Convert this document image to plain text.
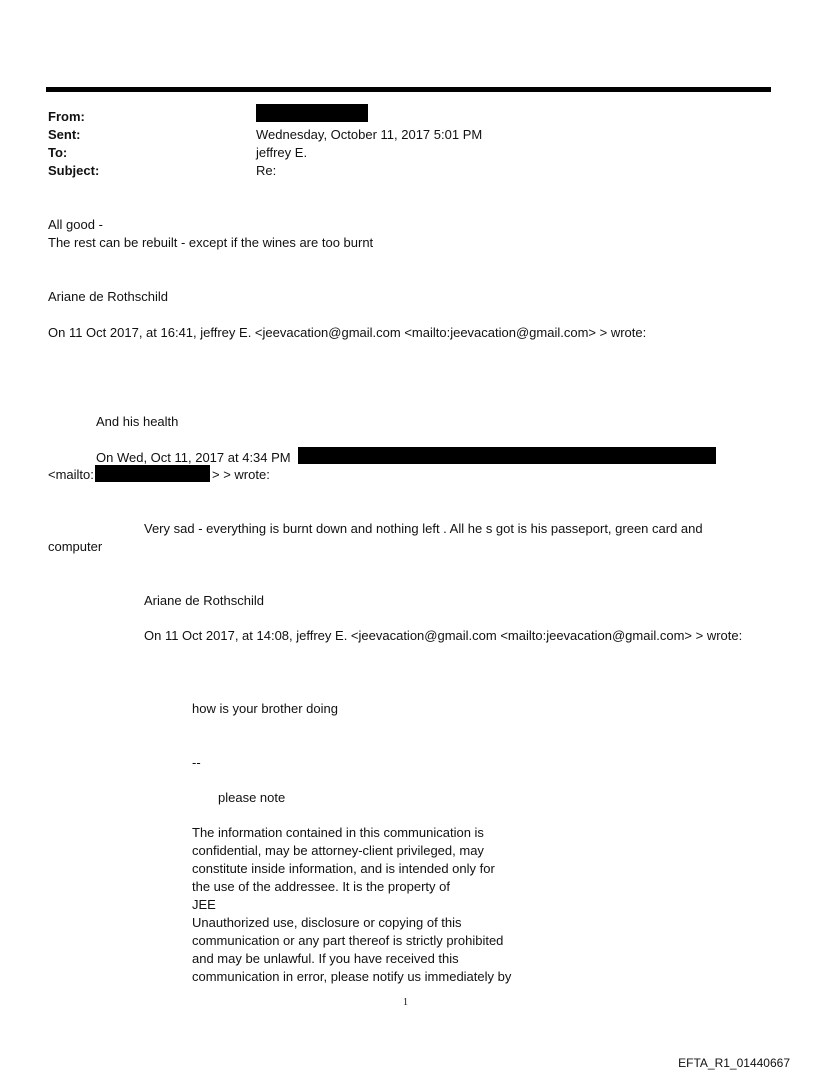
From:
Sent:
To:
Subject:
Wednesday, October 11, 2017 5:01 PM
jeffrey E.
Re:
All good -
The rest can be rebuilt - except if the wines are too burnt
Ariane de Rothschild
On 11 Oct 2017, at 16:41, jeffrey E. <jeevacation@gmail.com <mailto:jeevacation@gmail.com> > wrote:
And his health
On Wed, Oct 11, 2017 at 4:34 PM
<mailto:	> > wrote:
Very sad - everything is burnt down and nothing left . All he s got is his passeport, green card and
computer
Ariane de Rothschild
On 11 Oct 2017, at 14:08, jeffrey E. <jeevacation@gmail.com <mailto:jeevacation@gmail.com> > wrote:
how is your brother doing
--
please note
The information contained in this communication is
confidential, may be attorney-client privileged, may
constitute inside information, and is intended only for
the use of the addressee. It is the property of
JEE
Unauthorized use, disclosure or copying of this
communication or any part thereof is strictly prohibited
and may be unlawful. If you have received this
communication in error, please notify us immediately by
1
EFTA_R1_01440667
